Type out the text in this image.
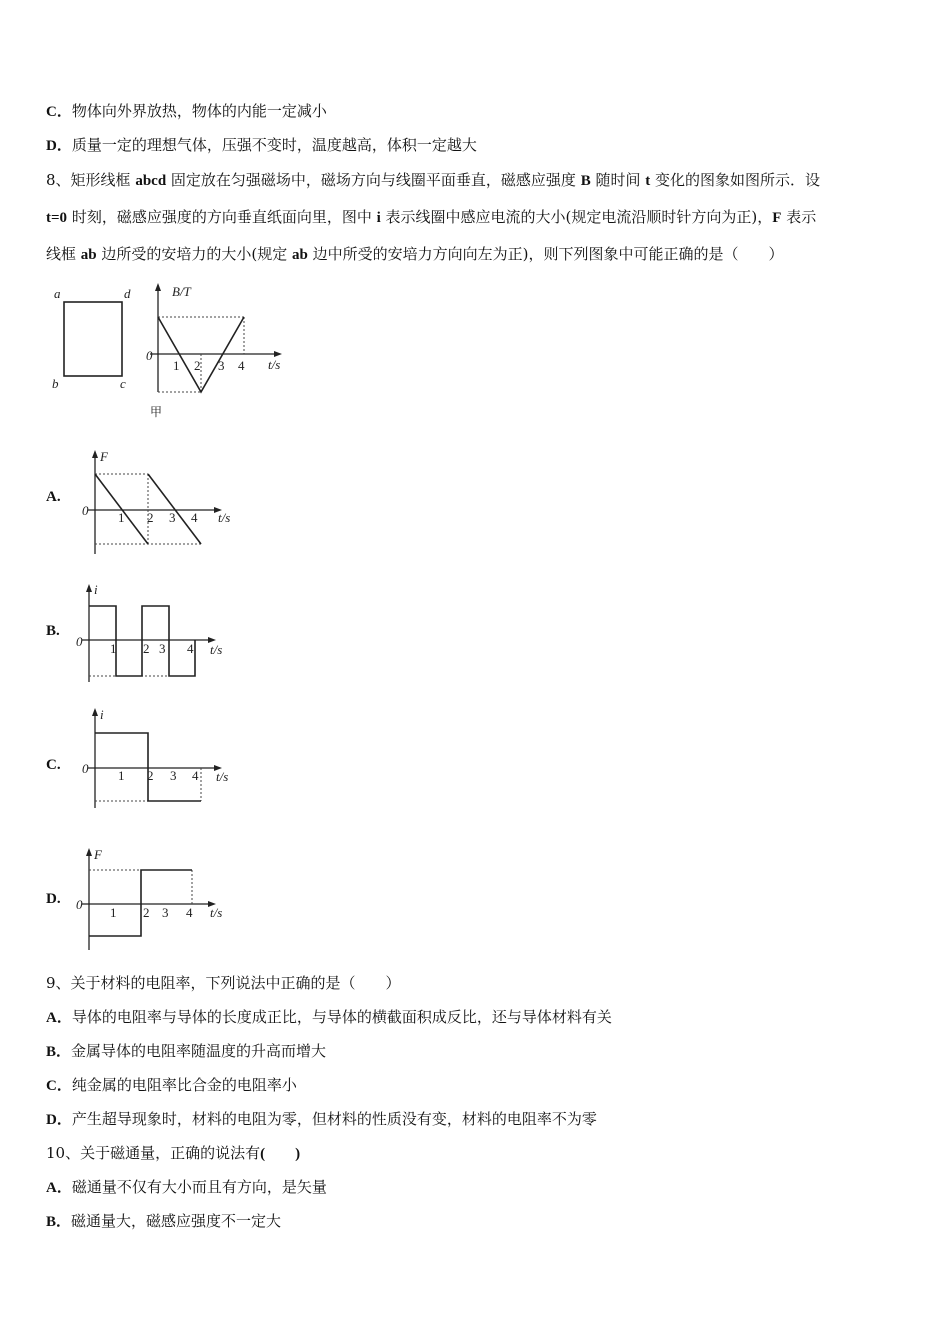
C．物体向外界放热，物体的内能一定减小
D．质量一定的理想气体，压强不变时，温度越高，体积一定越大
8、矩形线框 abcd 固定放在匀强磁场中，磁场方向与线圈平面垂直，磁感应强度 B 随时间 t 变化的图象如图所示．设
t=0 时刻，磁感应强度的方向垂直纸面向里，图中 i 表示线圈中感应电流的大小(规定电流沿顺时针方向为正)，F 表示
线框 ab 边所受的安培力的大小(规定 ab 边中所受的安培力方向向左为正)，则下列图象中可能正确的是（　　）
a	d
b	c
B/T
t/s
0
1 2 3 4
甲
A.
F
t/s
0 1 2 3 4
B.
i
t/s
0 1 2 3 4
C.
i
t/s
0 1 2 3 4
D.
F
t/s
0
1 2 3 4
9、关于材料的电阻率，下列说法中正确的是（　　）
A．导体的电阻率与导体的长度成正比，与导体的横截面积成反比，还与导体材料有关
B．金属导体的电阻率随温度的升高而增大
C．纯金属的电阻率比合金的电阻率小
D．产生超导现象时，材料的电阻为零，但材料的性质没有变，材料的电阻率不为零
10、关于磁通量，正确的说法有(　　)
A．磁通量不仅有大小而且有方向，是矢量
B．磁通量大，磁感应强度不一定大
